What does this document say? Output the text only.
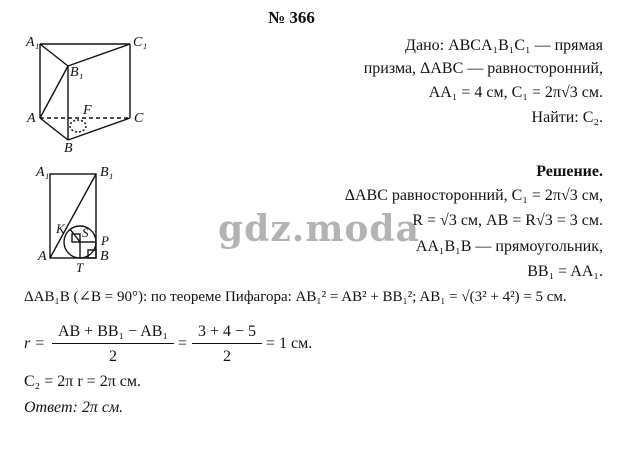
№ 366
A₁	C₁
B₁
F
A	C
B
A₁	B₁
K S
P
A
T
B
Дано: ABCA₁B₁C₁ — прямая
призма, ΔABC — равносторонний,
AA₁ = 4 см, C₁ = 2π√3 см.
Найти: C₂.
Решение.
ΔABC равносторонний, C₁ = 2π√3 см,
R = √3 см, AB = R√3 = 3 см.
AA₁B₁B — прямоугольник,
BB₁ = AA₁.
ΔAB₁B (∠B = 90°): по теореме Пифагора: AB₁² = AB² + BB₁²; AB₁ = √(3² + 4²) = 5 см.
r =
AB + BB₁ − AB₁
2
=
3 + 4 − 5
2
= 1 см.
C₂ = 2π r = 2π см.
Ответ: 2π см.
gdz.moda
